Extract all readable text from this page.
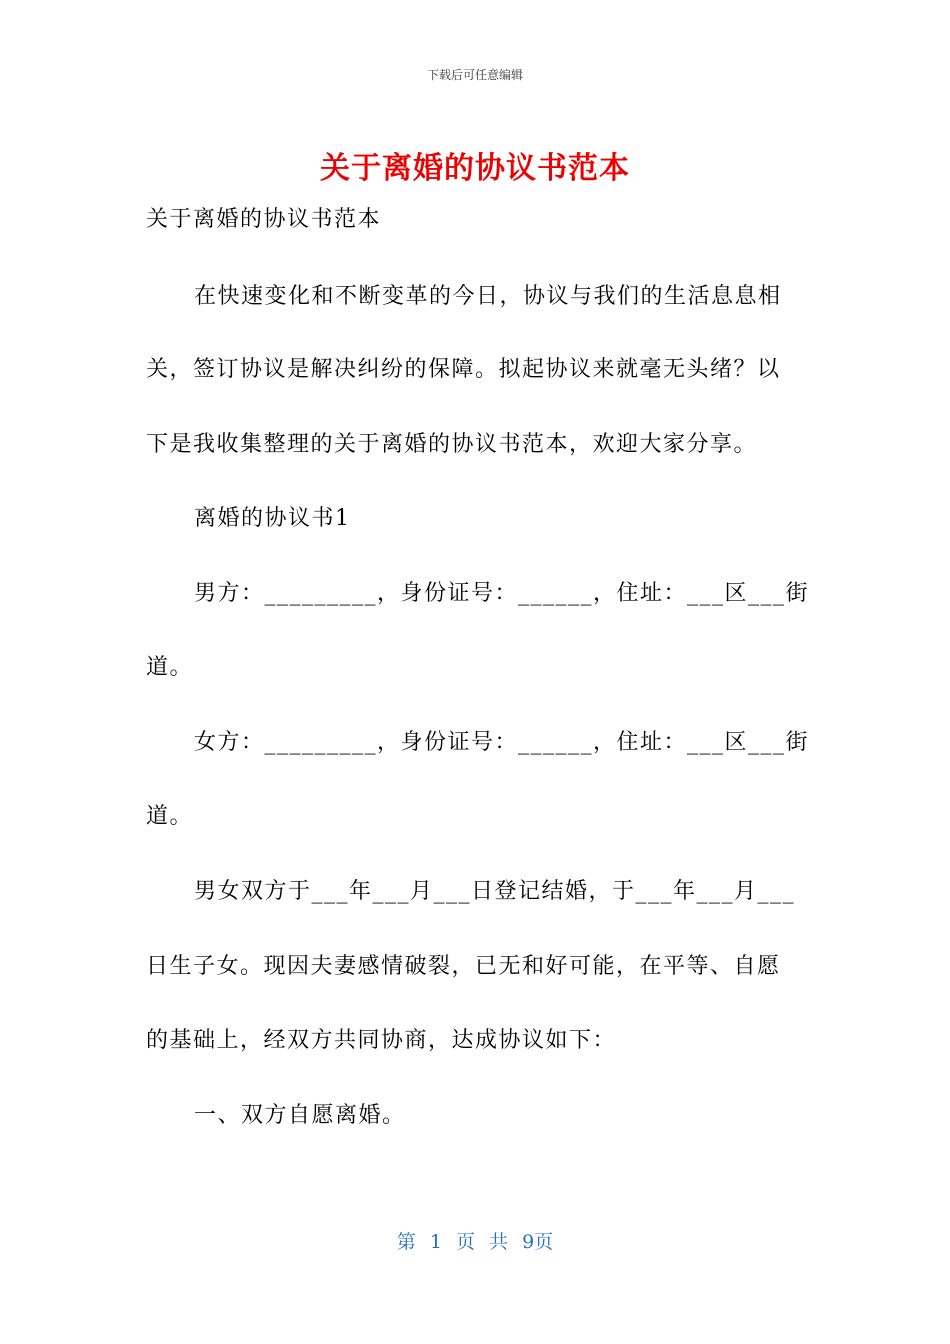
下载后可任意编辑
关于离婚的协议书范本
关于离婚的协议书范本
在快速变化和不断变革的今日，协议与我们的生活息息相
关，签订协议是解决纠纷的保障。拟起协议来就毫无头绪？以
下是我收集整理的关于离婚的协议书范本，欢迎大家分享。
离婚的协议书1
男方：_________，身份证号：______，住址：___区___街
道。
女方：_________，身份证号：______，住址：___区___街
道。
男女双方于___年___月___日登记结婚，于___年___月___
日生子女。现因夫妻感情破裂，已无和好可能，在平等、自愿
的基础上，经双方共同协商，达成协议如下：
一、双方自愿离婚。
第 1 页 共 9页
